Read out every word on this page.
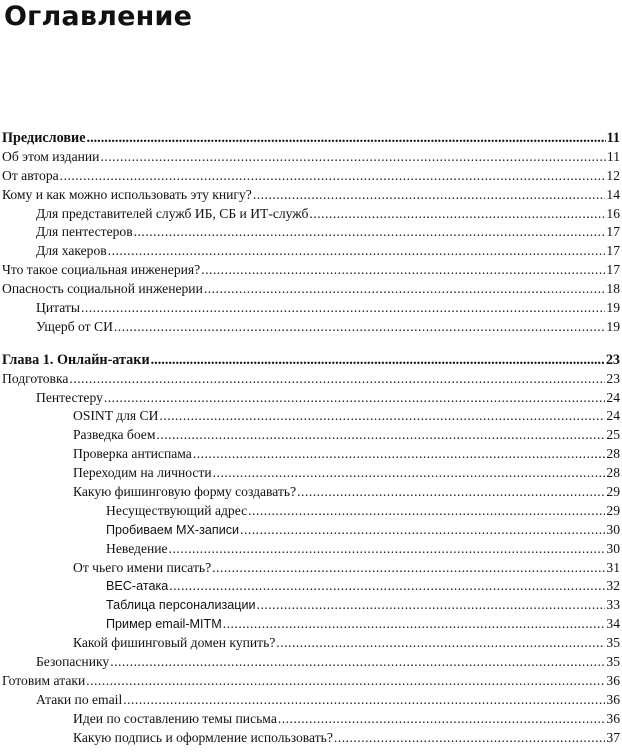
Оглавление
Предисловие .....	11
Об этом издании .....	11
От автора .....	12
Кому и как можно использовать эту книгу? .....	14
Для представителей служб ИБ, СБ и ИТ-служб .....	16
Для пентестеров .....	17
Для хакеров .....	17
Что такое социальная инженерия? .....	17
Опасность социальной инженерии .....	18
Цитаты .....	19
Ущерб от СИ .....	19
Глава 1. Онлайн-атаки .....	23
Подготовка .....	23
Пентестеру .....	24
OSINT для СИ .....	24
Разведка боем .....	25
Проверка антиспама .....	28
Переходим на личности .....	28
Какую фишинговую форму создавать? .....	29
Несуществующий адрес .....	29
Пробиваем MX-записи .....	30
Неведение .....	30
От чьего имени писать? .....	31
BEC-атака .....	32
Таблица персонализации .....	33
Пример email-MITM .....	34
Какой фишинговый домен купить? .....	35
Безопаснику .....	35
Готовим атаки .....	36
Атаки по email .....	36
Идеи по составлению темы письма .....	36
Какую подпись и оформление использовать? .....	37
